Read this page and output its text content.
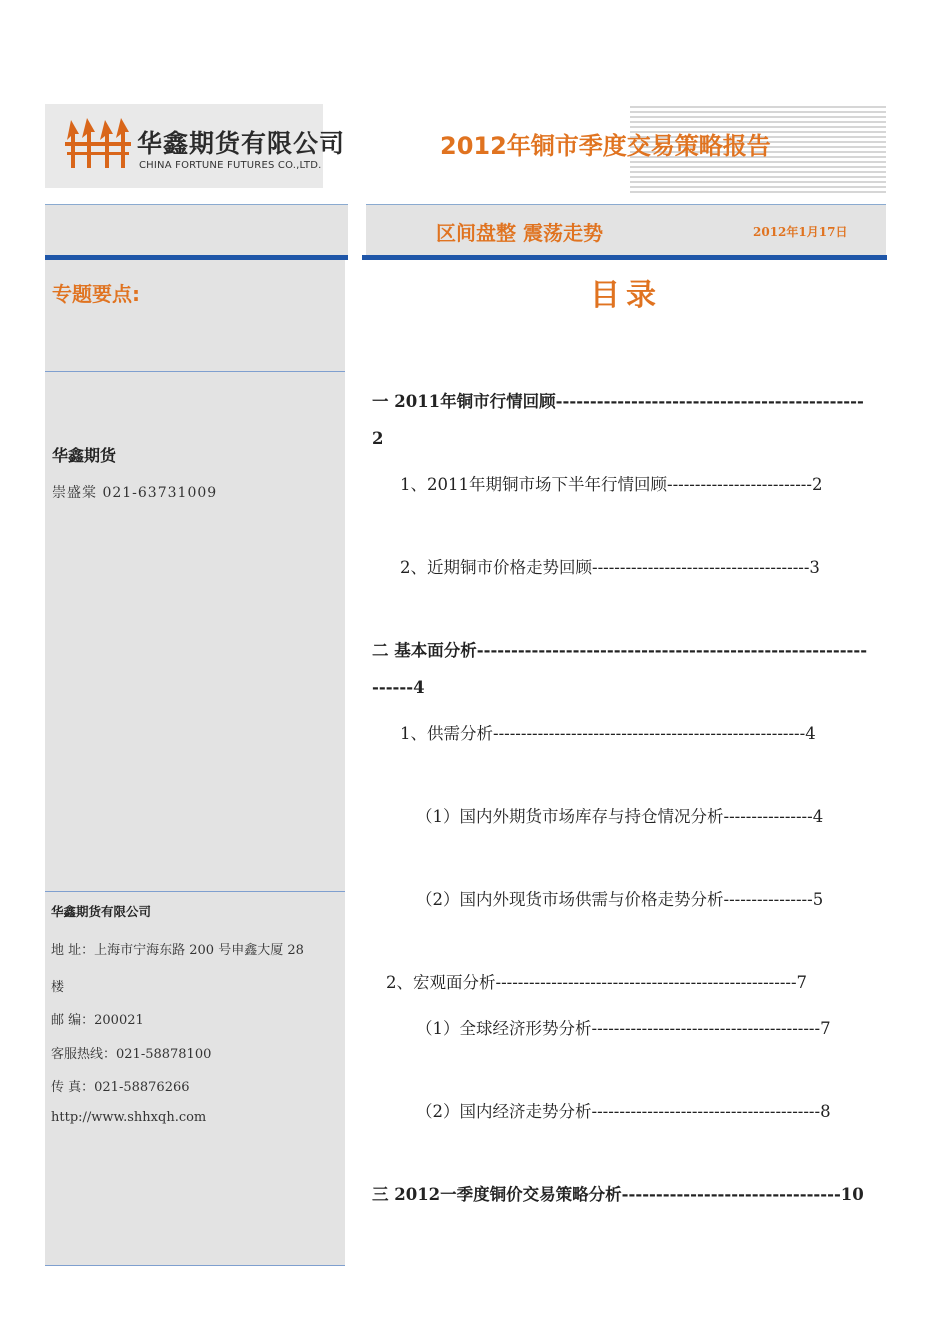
华鑫期货有限公司
CHINA FORTUNE FUTURES CO.,LTD.
2012年铜市季度交易策略报告
区间盘整 震荡走势	2012年1月17日
专题要点:
华鑫期货
崇盛棠 021-63731009
华鑫期货有限公司
地 址：上海市宁海东路 200 号申鑫大厦 28
楼
邮 编：200021
客服热线：021-58878100
传 真：021-58876266
http://www.shhxqh.com
目录
一 2011年铜市行情回顾---------------------------------------------2
1、2011年期铜市场下半年行情回顾--------------------------2
2、近期铜市价格走势回顾---------------------------------------3
二 基本面分析---------------------------------------------------------------4
1、供需分析--------------------------------------------------------4
（1）国内外期货市场库存与持仓情况分析----------------4
（2）国内外现货市场供需与价格走势分析----------------5
2、宏观面分析------------------------------------------------------7
（1）全球经济形势分析-----------------------------------------7
（2）国内经济走势分析-----------------------------------------8
三 2012一季度铜价交易策略分析--------------------------------10
